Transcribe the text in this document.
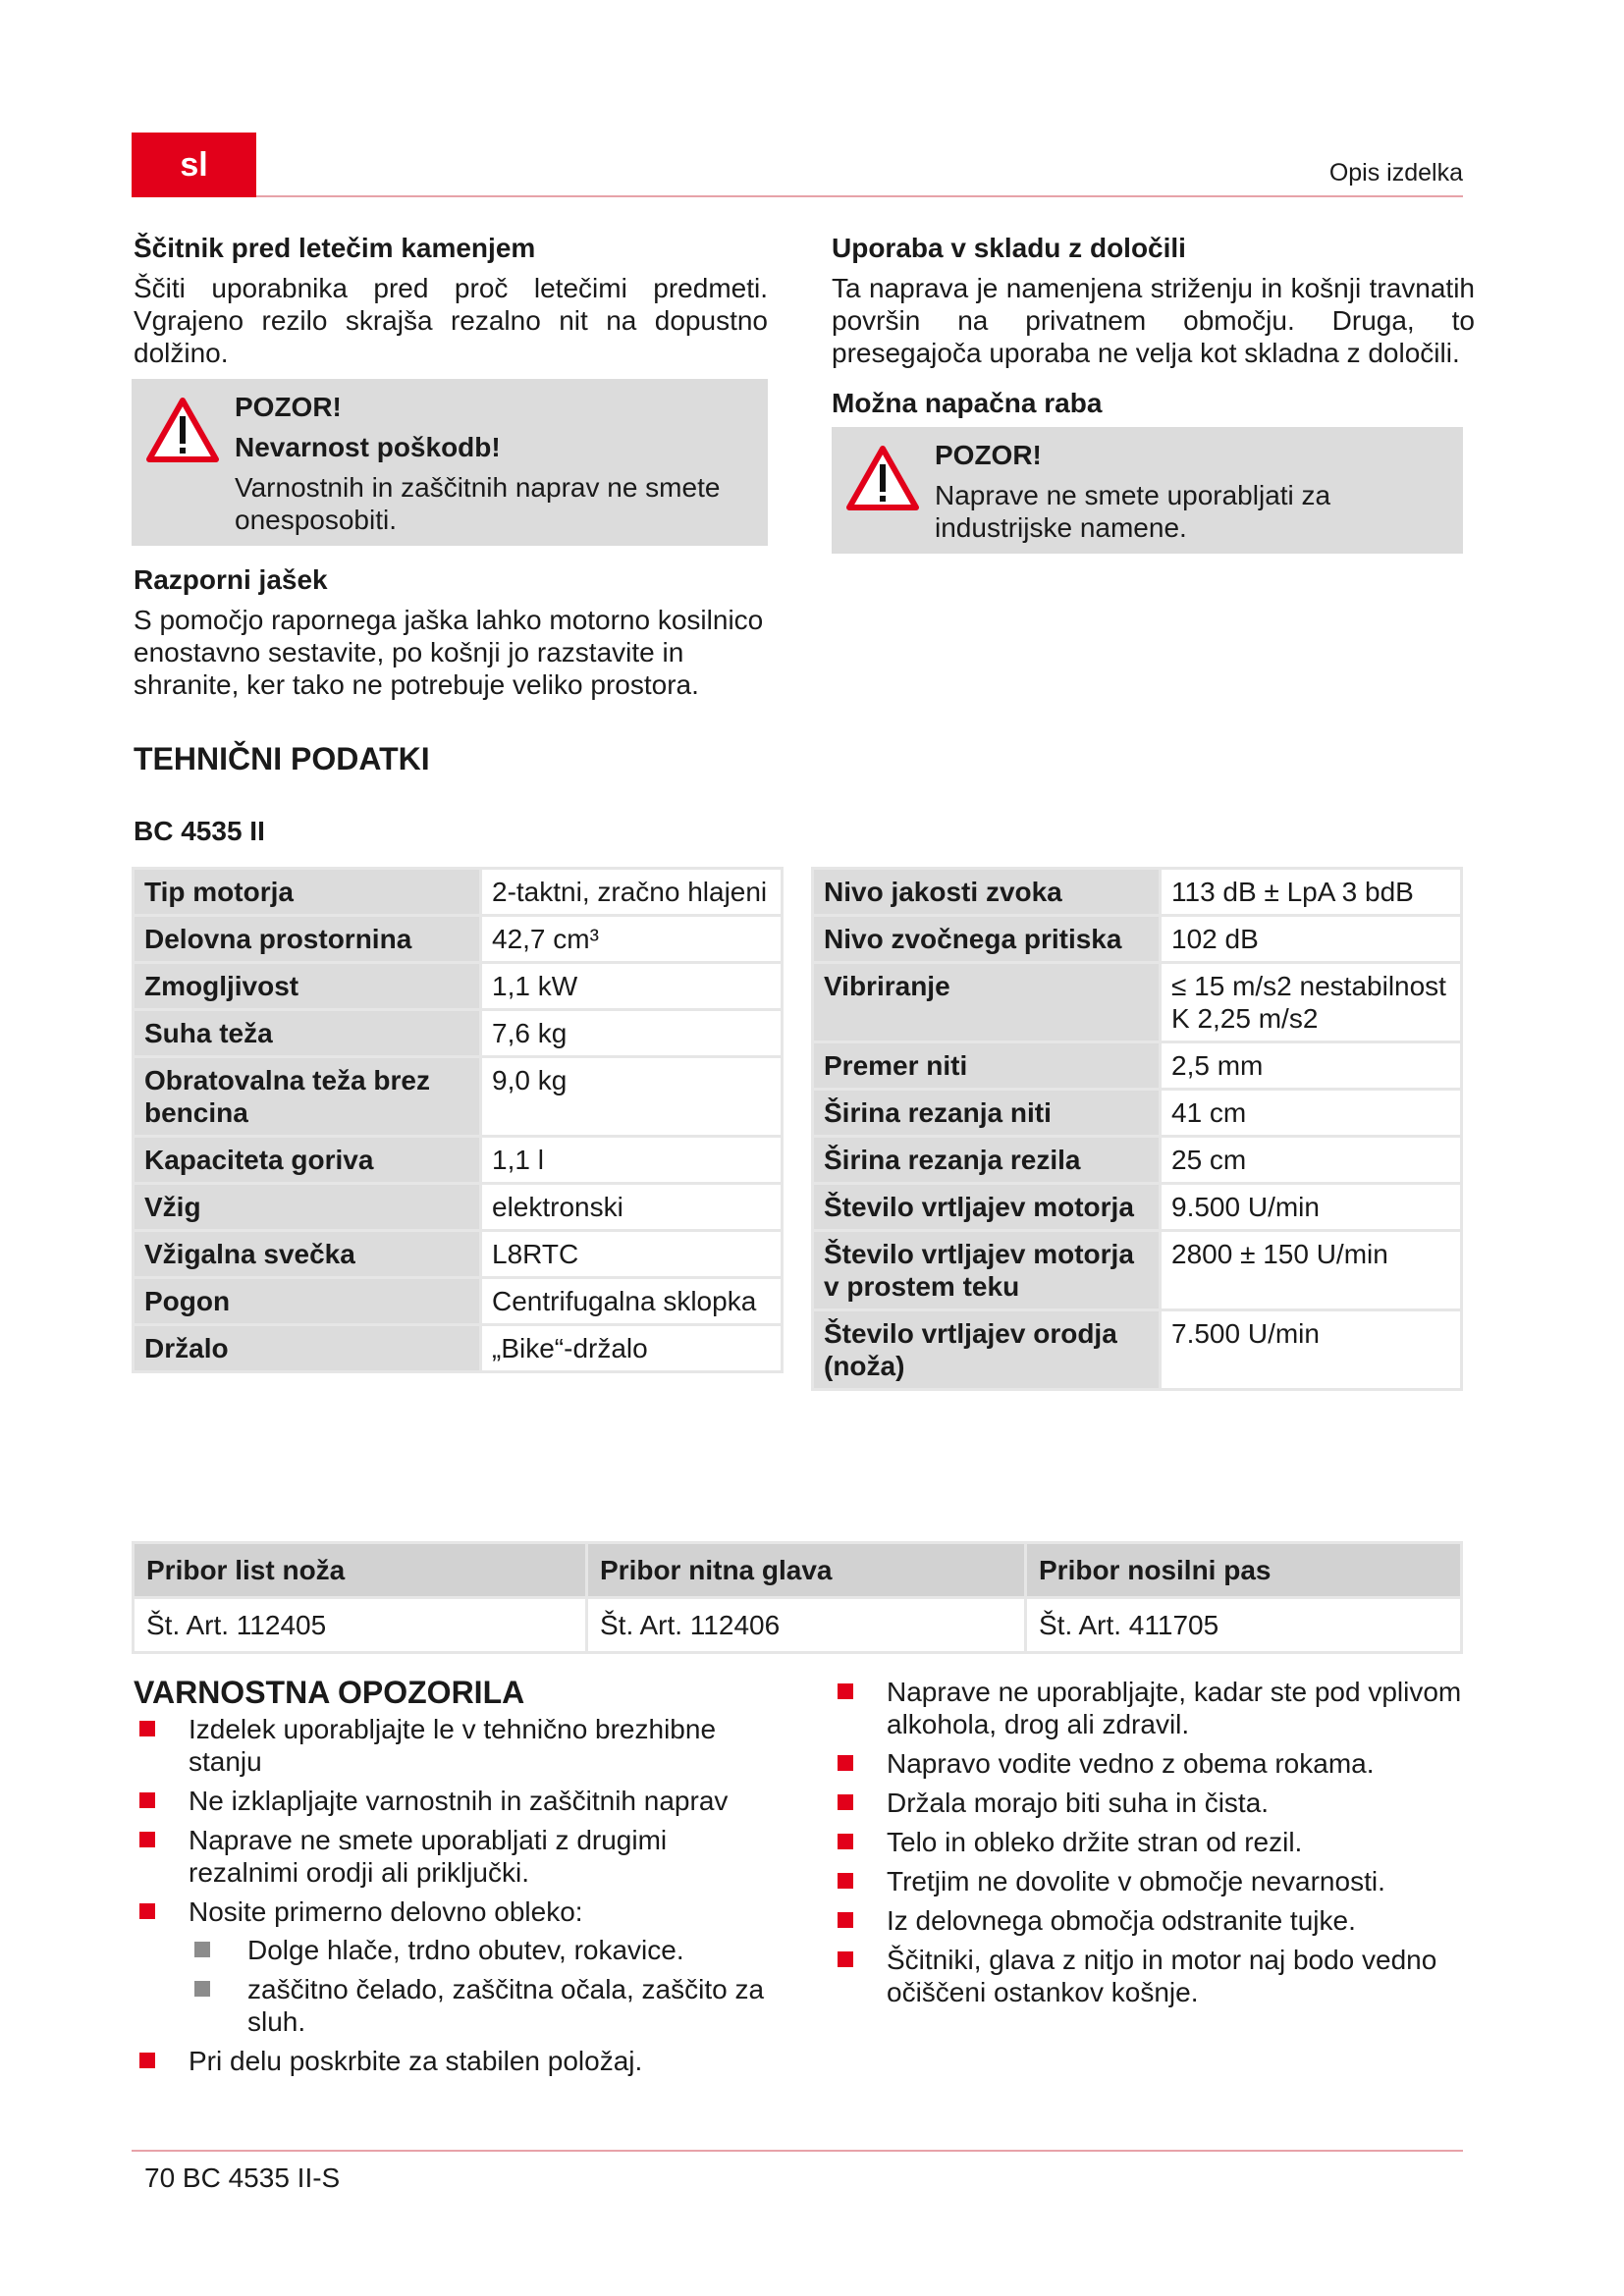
sl	Opis izdelka
Ščitnik pred letečim kamenjem

Ščiti uporabnika pred proč letečimi predmeti. Vgrajeno rezilo skrajša rezalno nit na dopustno dolžino.

POZOR!
Nevarnost poškodb!
Varnostnih in zaščitnih naprav ne smete onesposobiti.
Razporni jašek

S pomočjo rapornega jaška lahko motorno kosilnico enostavno sestavite, po košnji jo razstavite in shranite, ker tako ne potrebuje veliko prostora.

Uporaba v skladu z določili

Ta naprava je namenjena striženju in košnji travnatih površin na privatnem območju. Druga, to presegajoča uporaba ne velja kot skladna z določili.

Možna napačna raba
POZOR!
Naprave ne smete uporabljati za industrijske namene.
TEHNIČNI PODATKI
BC 4535 II
Tip motorja	2-taktni, zračno hlajeni
Delovna prostornina	42,7 cm³
Zmogljivost	1,1 kW
Suha teža	7,6 kg
Obratovalna teža brez bencina	9,0 kg
Kapaciteta goriva	1,1 l
Vžig	elektronski
Vžigalna svečka	L8RTC
Pogon	Centrifugalna sklopka
Držalo	„Bike“-držalo
Nivo jakosti zvoka	113 dB ± LpA 3 bdB
Nivo zvočnega pritiska	102 dB
Vibriranje	≤ 15 m/s2 nestabilnost K 2,25 m/s2
Premer niti	2,5 mm
Širina rezanja niti	41 cm
Širina rezanja rezila	25 cm
Število vrtljajev motorja	9.500 U/min
Število vrtljajev motorja v prostem teku	2800 ± 150 U/min
Število vrtljajev orodja (noža)	7.500 U/min
Pribor list noža	Pribor nitna glava	Pribor nosilni pas
Št. Art. 112405	Št. Art. 112406	Št. Art. 411705
VARNOSTNA OPOZORILA
Izdelek uporabljajte le v tehnično brezhibne stanju
Ne izklapljajte varnostnih in zaščitnih naprav
Naprave ne smete uporabljati z drugimi rezalnimi orodji ali priključki.
Nosite primerno delovno obleko:
Dolge hlače, trdno obutev, rokavice.
zaščitno čelado, zaščitna očala, zaščito za sluh.
Pri delu poskrbite za stabilen položaj.
Naprave ne uporabljajte, kadar ste pod vplivom alkohola, drog ali zdravil.
Napravo vodite vedno z obema rokama.
Držala morajo biti suha in čista.
Telo in obleko držite stran od rezil.
Tretjim ne dovolite v območje nevarnosti.
Iz delovnega območja odstranite tujke.
Ščitniki, glava z nitjo in motor naj bodo vedno očiščeni ostankov košnje.
70 BC 4535 II-S
